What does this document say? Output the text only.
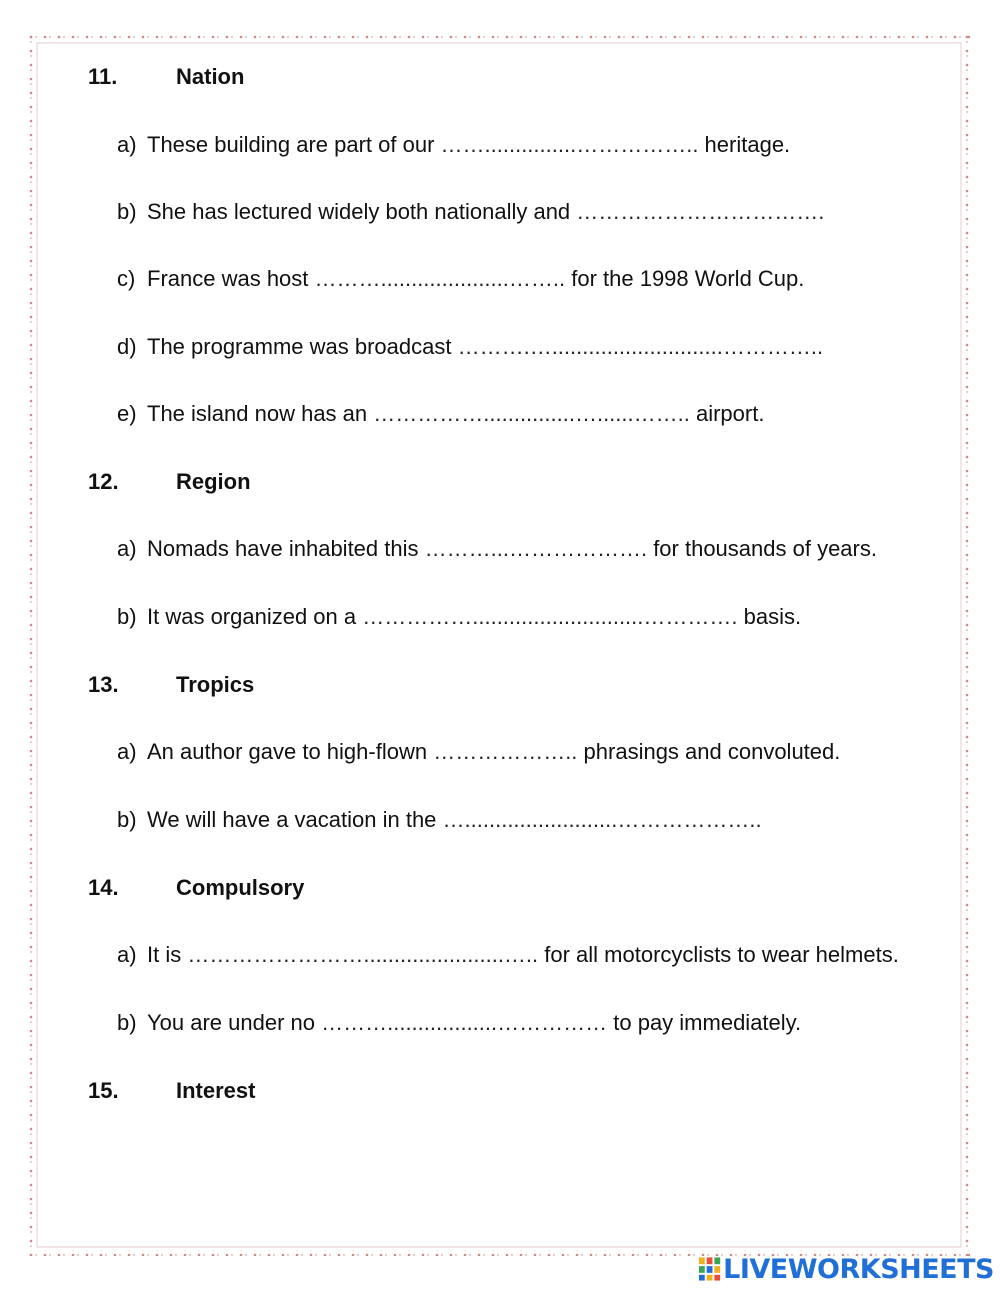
11.	Nation
a) These building are part of our ……...............…………….. heritage.
b) She has lectured widely both nationally and …………………………….
c) France was host ……….....................…….. for the 1998 World Cup.
d) The programme was broadcast ……….…............................…………..
e) The island now has an ……………...............…......…….. airport.
12.	Region
a) Nomads have inhabited this ………...………………. for thousands of years.
b) It was organized on a ……………............................…………. basis.
13.	Tropics
a) An author gave to high-flown ……………….. phrasings and convoluted.
b) We will have a vacation in the ….........................………………..
14.	Compulsory
a) It is …………………….......................….. for all motorcyclists to wear helmets.
b) You are under no ………..................…………… to pay immediately.
15.	Interest
LIVEWORKSHEETS
